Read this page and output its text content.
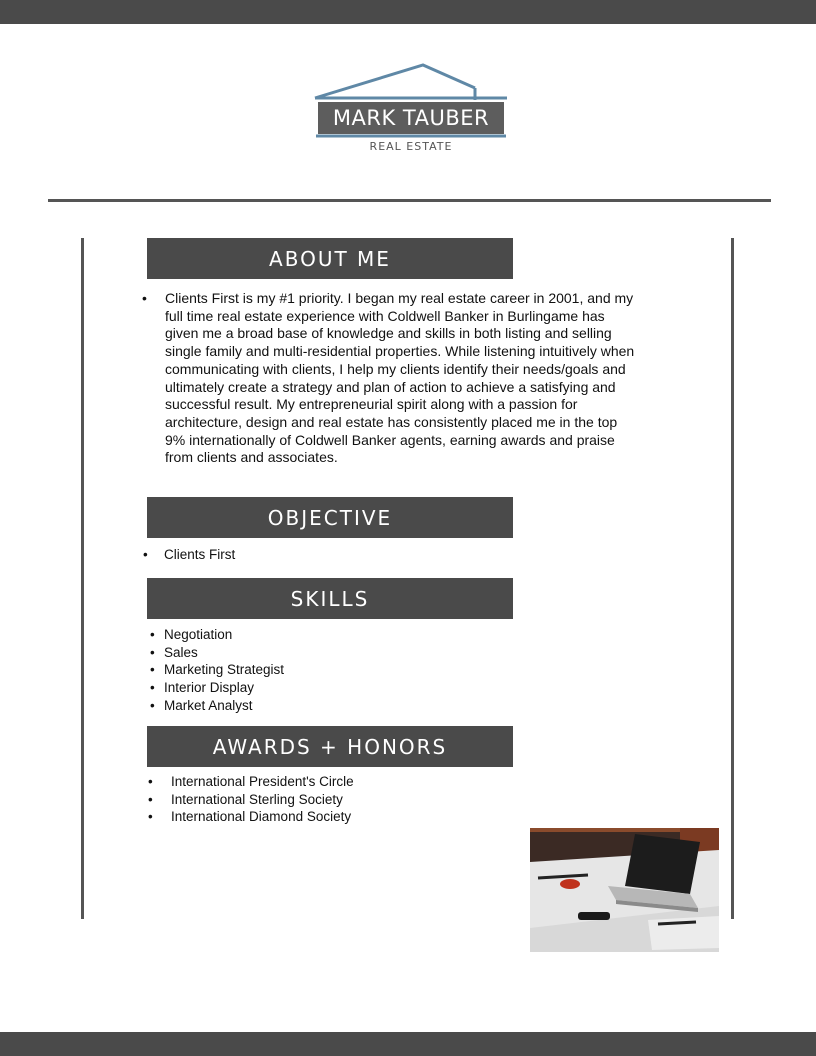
MARK TAUBER
REAL ESTATE
ABOUT ME
• Clients First is my #1 priority. I began my real estate career in 2001, and my full time real estate experience with Coldwell Banker in Burlingame has given me a broad base of knowledge and skills in both listing and selling single family and multi-residential properties. While listening intuitively when communicating with clients, I help my clients identify their needs/goals and ultimately create a strategy and plan of action to achieve a satisfying and successful result. My entrepreneurial spirit along with a passion for architecture, design and real estate has consistently placed me in the top 9% internationally of Coldwell Banker agents, earning awards and praise from clients and associates.
OBJECTIVE
• Clients First
SKILLS
• Negotiation
• Sales
• Marketing Strategist
• Interior Display
• Market Analyst
AWARDS + HONORS
• International President's Circle
• International Sterling Society
• International Diamond Society
